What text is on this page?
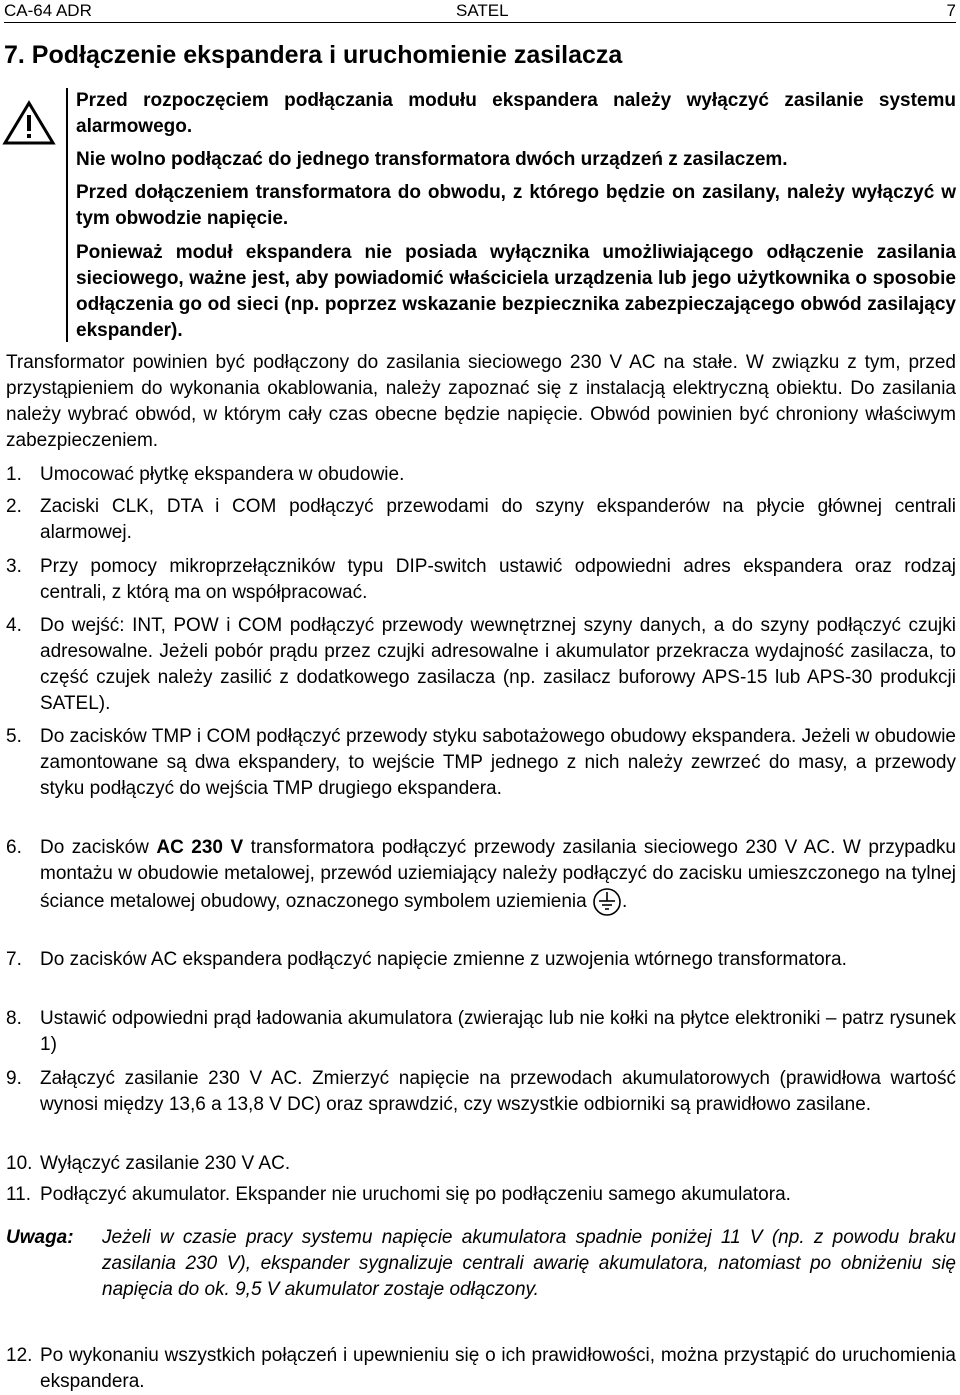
CA-64 ADR	SATEL	7
7. Podłączenie ekspandera i uruchomienie zasilacza
Przed rozpoczęciem podłączania modułu ekspandera należy wyłączyć zasilanie systemu alarmowego.
Nie wolno podłączać do jednego transformatora dwóch urządzeń z zasilaczem.
Przed dołączeniem transformatora do obwodu, z którego będzie on zasilany, należy wyłączyć w tym obwodzie napięcie.
Ponieważ moduł ekspandera nie posiada wyłącznika umożliwiającego odłączenie zasilania sieciowego, ważne jest, aby powiadomić właściciela urządzenia lub jego użytkownika o sposobie odłączenia go od sieci (np. poprzez wskazanie bezpiecznika zabezpieczającego obwód zasilający ekspander).
Transformator powinien być podłączony do zasilania sieciowego 230 V AC na stałe. W związku z tym, przed przystąpieniem do wykonania okablowania, należy zapoznać się z instalacją elektryczną obiektu. Do zasilania należy wybrać obwód, w którym cały czas obecne będzie napięcie. Obwód powinien być chroniony właściwym zabezpieczeniem.
1. Umocować płytkę ekspandera w obudowie.
2. Zaciski CLK, DTA i COM podłączyć przewodami do szyny ekspanderów na płycie głównej centrali alarmowej.
3. Przy pomocy mikroprzełączników typu DIP-switch ustawić odpowiedni adres ekspandera oraz rodzaj centrali, z którą ma on współpracować.
4. Do wejść: INT, POW i COM podłączyć przewody wewnętrznej szyny danych, a do szyny podłączyć czujki adresowalne. Jeżeli pobór prądu przez czujki adresowalne i akumulator przekracza wydajność zasilacza, to część czujek należy zasilić z dodatkowego zasilacza (np. zasilacz buforowy APS-15 lub APS-30 produkcji SATEL).
5. Do zacisków TMP i COM podłączyć przewody styku sabotażowego obudowy ekspandera. Jeżeli w obudowie zamontowane są dwa ekspandery, to wejście TMP jednego z nich należy zewrzeć do masy, a przewody styku podłączyć do wejścia TMP drugiego ekspandera.
6. Do zacisków AC 230 V transformatora podłączyć przewody zasilania sieciowego 230 V AC. W przypadku montażu w obudowie metalowej, przewód uziemiający należy podłączyć do zacisku umieszczonego na tylnej ściance metalowej obudowy, oznaczonego symbolem uziemienia .
7. Do zacisków AC ekspandera podłączyć napięcie zmienne z uzwojenia wtórnego transformatora.
8. Ustawić odpowiedni prąd ładowania akumulatora (zwierając lub nie kołki na płytce elektroniki – patrz rysunek 1)
9. Załączyć zasilanie 230 V AC. Zmierzyć napięcie na przewodach akumulatorowych (prawidłowa wartość wynosi między 13,6 a 13,8 V DC) oraz sprawdzić, czy wszystkie odbiorniki są prawidłowo zasilane.
10. Wyłączyć zasilanie 230 V AC.
11. Podłączyć akumulator. Ekspander nie uruchomi się po podłączeniu samego akumulatora.
Uwaga: Jeżeli w czasie pracy systemu napięcie akumulatora spadnie poniżej 11 V (np. z powodu braku zasilania 230 V), ekspander sygnalizuje centrali awarię akumulatora, natomiast po obniżeniu się napięcia do ok. 9,5 V akumulator zostaje odłączony.
12. Po wykonaniu wszystkich połączeń i upewnieniu się o ich prawidłowości, można przystąpić do uruchomienia ekspandera.
